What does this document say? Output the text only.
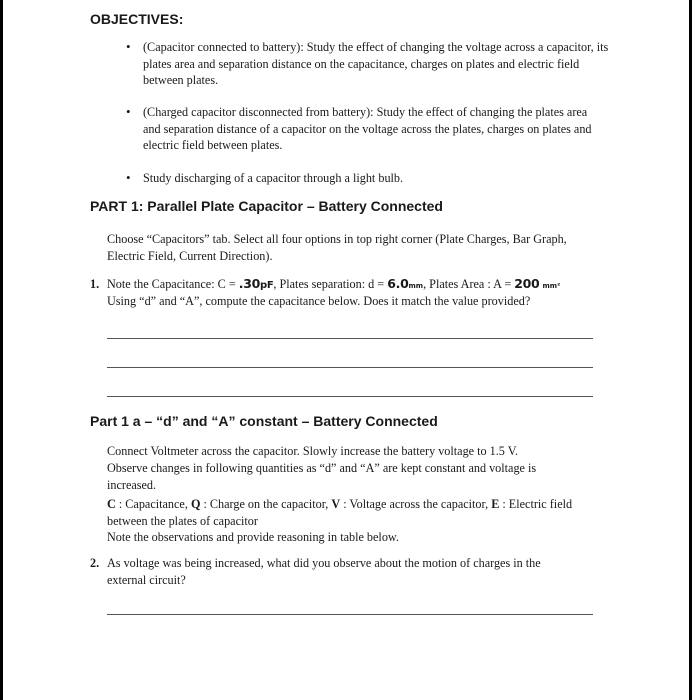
OBJECTIVES:
• (Capacitor connected to battery): Study the effect of changing the voltage across a capacitor, its plates area and separation distance on the capacitance, charges on plates and electric field between plates.

• (Charged capacitor disconnected from battery): Study the effect of changing the plates area and separation distance of a capacitor on the voltage across the plates, charges on plates and electric field between plates.

• Study discharging of a capacitor through a light bulb.

PART 1: Parallel Plate Capacitor – Battery Connected

Choose “Capacitors” tab. Select all four options in top right corner (Plate Charges, Bar Graph, Electric Field, Current Direction).

1. Note the Capacitance: C = .30pF, Plates separation: d = 6.0mm, Plates Area : A = 200 mm²

Using “d” and “A”, compute the capacitance below. Does it match the value provided?

Part 1 a – “d” and “A” constant – Battery Connected

Connect Voltmeter across the capacitor. Slowly increase the battery voltage to 1.5 V.

Observe changes in following quantities as “d” and “A” are kept constant and voltage is increased.

C : Capacitance, Q : Charge on the capacitor, V : Voltage across the capacitor, E : Electric field between the plates of capacitor

Note the observations and provide reasoning in table below.

2. As voltage was being increased, what did you observe about the motion of charges in the external circuit?
